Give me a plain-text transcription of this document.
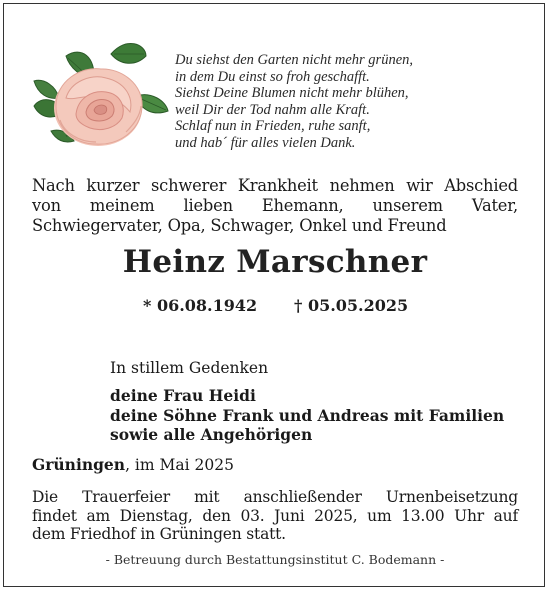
Du siehst den Garten nicht mehr grünen,
in dem Du einst so froh geschafft.
Siehst Deine Blumen nicht mehr blühen,
weil Dir der Tod nahm alle Kraft.
Schlaf nun in Frieden, ruhe sanft,
und hab´ für alles vielen Dank.
Nach kurzer schwerer Krankheit nehmen wir Abschied
von meinem lieben Ehemann, unserem Vater,
Schwiegervater, Opa, Schwager, Onkel und Freund
Heinz Marschner
* 06.08.1942 † 05.05.2025
In stillem Gedenken
deine Frau Heidi
deine Söhne Frank und Andreas mit Familien
sowie alle Angehörigen
Grüningen, im Mai 2025
Die Trauerfeier mit anschließender Urnenbeisetzung
findet am Dienstag, den 03. Juni 2025, um 13.00 Uhr auf
dem Friedhof in Grüningen statt.
- Betreuung durch Bestattungsinstitut C. Bodemann -
